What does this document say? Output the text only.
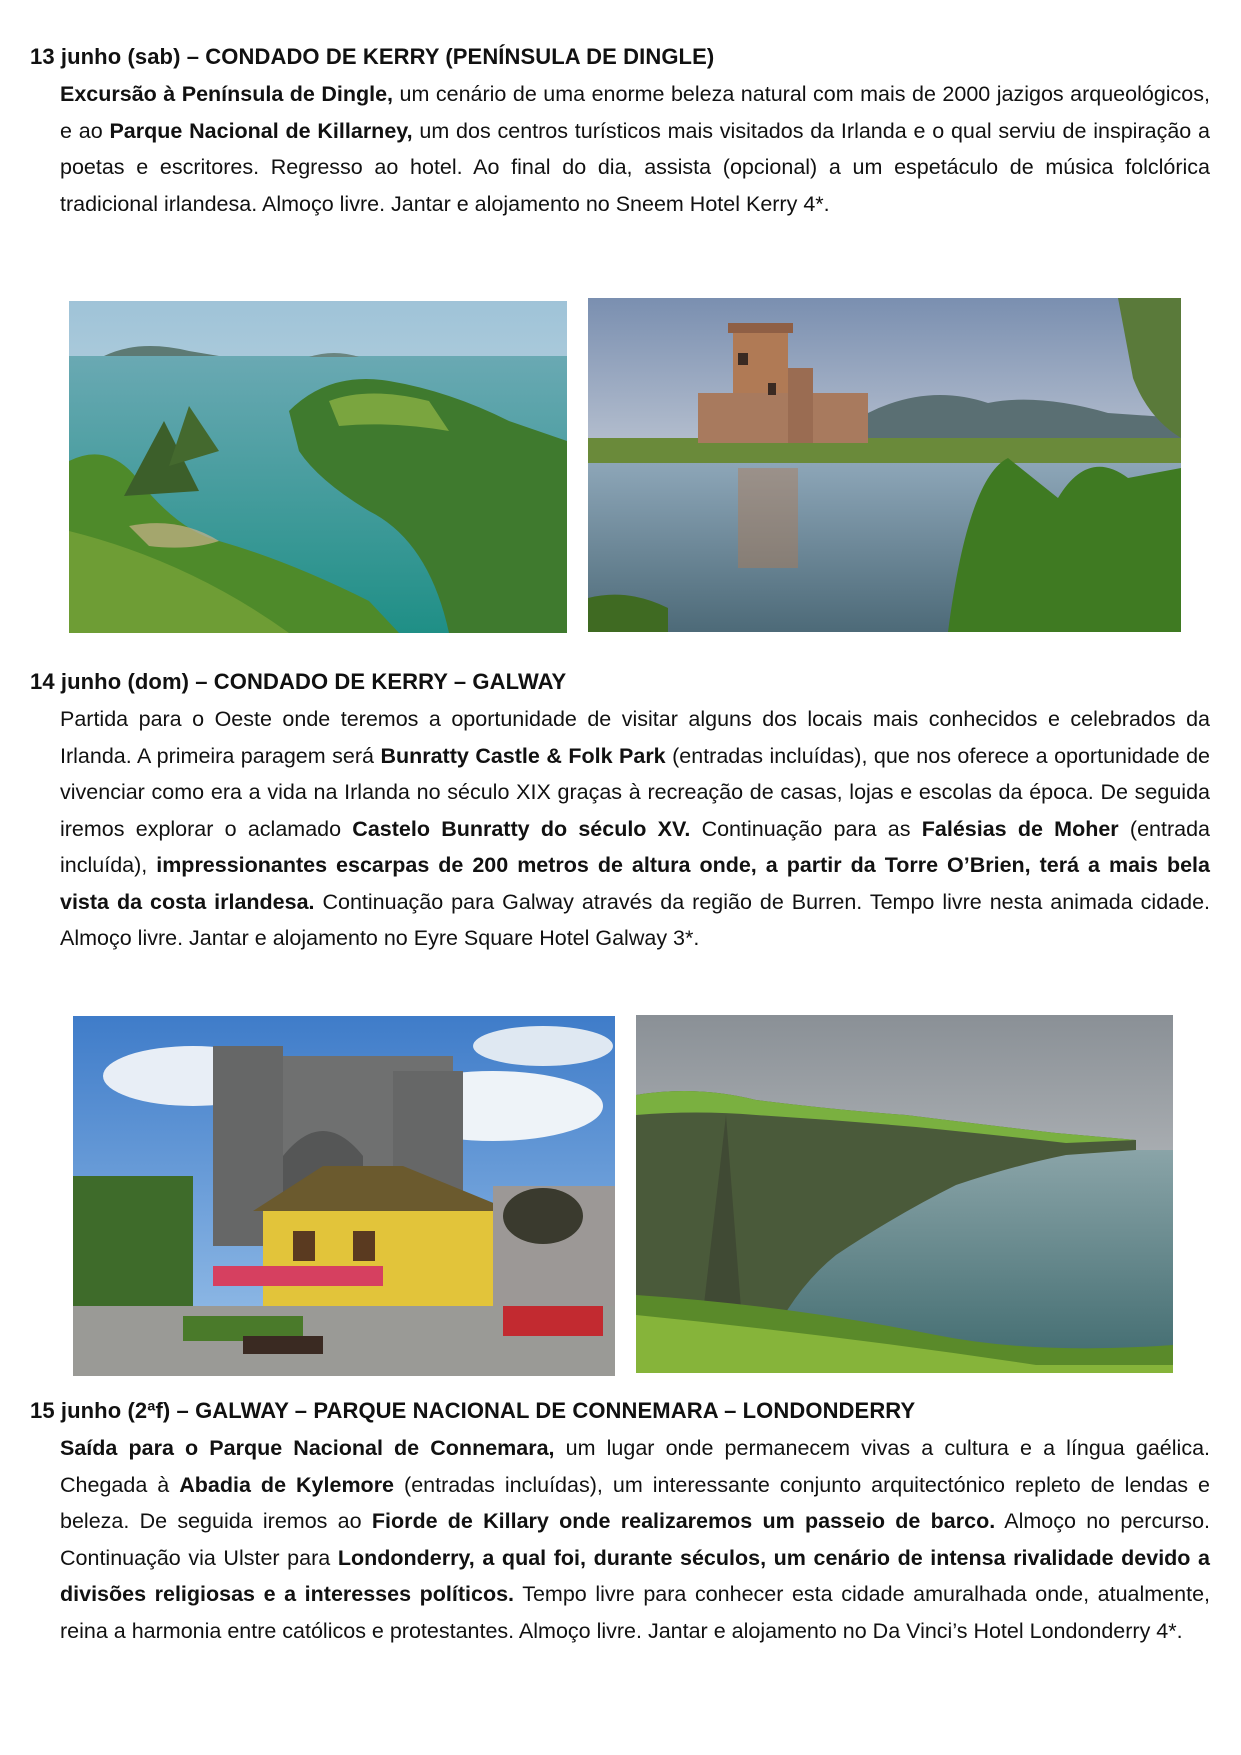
13 junho (sab) – CONDADO DE KERRY (PENÍNSULA DE DINGLE)

Excursão à Península de Dingle, um cenário de uma enorme beleza natural com mais de 2000 jazigos arqueológicos, e ao Parque Nacional de Killarney, um dos centros turísticos mais visitados da Irlanda e o qual serviu de inspiração a poetas e escritores. Regresso ao hotel. Ao final do dia, assista (opcional) a um espetáculo de música folclórica tradicional irlandesa. Almoço livre. Jantar e alojamento no Sneem Hotel Kerry 4*.

14 junho (dom) – CONDADO DE KERRY – GALWAY

Partida para o Oeste onde teremos a oportunidade de visitar alguns dos locais mais conhecidos e celebrados da Irlanda. A primeira paragem será Bunratty Castle & Folk Park (entradas incluídas), que nos oferece a oportunidade de vivenciar como era a vida na Irlanda no século XIX graças à recreação de casas, lojas e escolas da época. De seguida iremos explorar o aclamado Castelo Bunratty do século XV. Continuação para as Falésias de Moher (entrada incluída), impressionantes escarpas de 200 metros de altura onde, a partir da Torre O’Brien, terá a mais bela vista da costa irlandesa. Continuação para Galway através da região de Burren. Tempo livre nesta animada cidade. Almoço livre. Jantar e alojamento no Eyre Square Hotel Galway 3*.

15 junho (2ªf) – GALWAY – PARQUE NACIONAL DE CONNEMARA – LONDONDERRY

Saída para o Parque Nacional de Connemara, um lugar onde permanecem vivas a cultura e a língua gaélica. Chegada à Abadia de Kylemore (entradas incluídas), um interessante conjunto arquitectónico repleto de lendas e beleza. De seguida iremos ao Fiorde de Killary onde realizaremos um passeio de barco. Almoço no percurso. Continuação via Ulster para Londonderry, a qual foi, durante séculos, um cenário de intensa rivalidade devido a divisões religiosas e a interesses políticos. Tempo livre para conhecer esta cidade amuralhada onde, atualmente, reina a harmonia entre católicos e protestantes. Almoço livre. Jantar e alojamento no Da Vinci’s Hotel Londonderry 4*.
